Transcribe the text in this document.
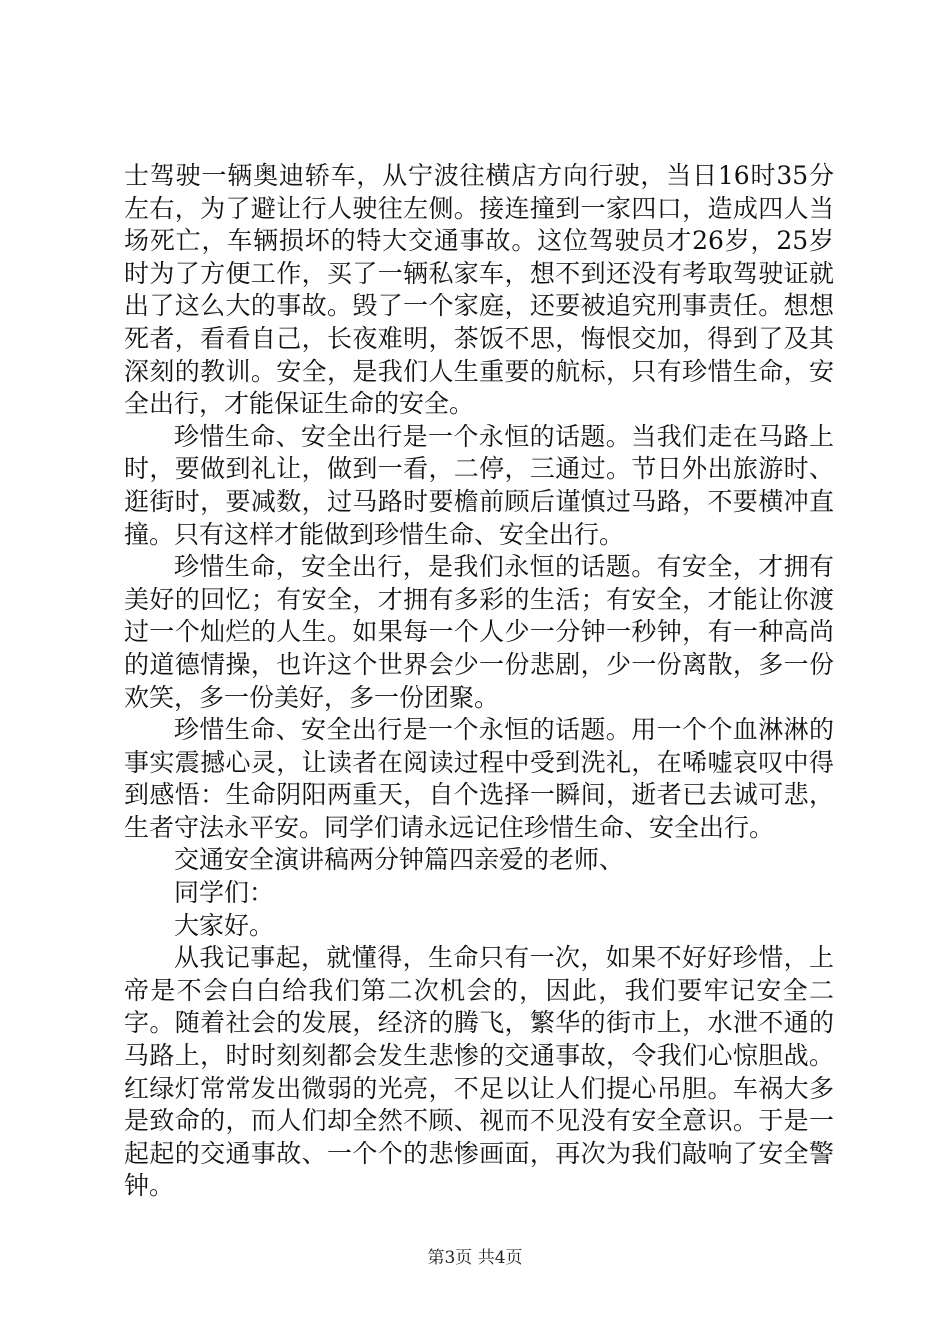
士驾驶一辆奥迪轿车，从宁波往横店方向行驶，当日16时35分左右，为了避让行人驶往左侧。接连撞到一家四口，造成四人当场死亡，车辆损坏的特大交通事故。这位驾驶员才26岁，25岁时为了方便工作，买了一辆私家车，想不到还没有考取驾驶证就出了这么大的事故。毁了一个家庭，还要被追究刑事责任。想想死者，看看自己，长夜难明，茶饭不思，悔恨交加，得到了及其深刻的教训。安全，是我们人生重要的航标，只有珍惜生命，安全出行，才能保证生命的安全。

珍惜生命、安全出行是一个永恒的话题。当我们走在马路上时，要做到礼让，做到一看，二停，三通过。节日外出旅游时、逛街时，要减数，过马路时要檐前顾后谨慎过马路，不要横冲直撞。只有这样才能做到珍惜生命、安全出行。

珍惜生命，安全出行，是我们永恒的话题。有安全，才拥有美好的回忆；有安全，才拥有多彩的生活；有安全，才能让你渡过一个灿烂的人生。如果每一个人少一分钟一秒钟，有一种高尚的道德情操，也许这个世界会少一份悲剧，少一份离散，多一份欢笑，多一份美好，多一份团聚。

珍惜生命、安全出行是一个永恒的话题。用一个个血淋淋的事实震撼心灵，让读者在阅读过程中受到洗礼，在唏嘘哀叹中得到感悟：生命阴阳两重天，自个选择一瞬间，逝者已去诚可悲，生者守法永平安。同学们请永远记住珍惜生命、安全出行。

交通安全演讲稿两分钟篇四亲爱的老师、

同学们：

大家好。

从我记事起，就懂得，生命只有一次，如果不好好珍惜，上帝是不会白白给我们第二次机会的，因此，我们要牢记安全二字。随着社会的发展，经济的腾飞，繁华的街市上，水泄不通的马路上，时时刻刻都会发生悲惨的交通事故，令我们心惊胆战。红绿灯常常发出微弱的光亮，不足以让人们提心吊胆。车祸大多是致命的，而人们却全然不顾、视而不见没有安全意识。于是一起起的交通事故、一个个的悲惨画面，再次为我们敲响了安全警钟。

第3页 共4页
